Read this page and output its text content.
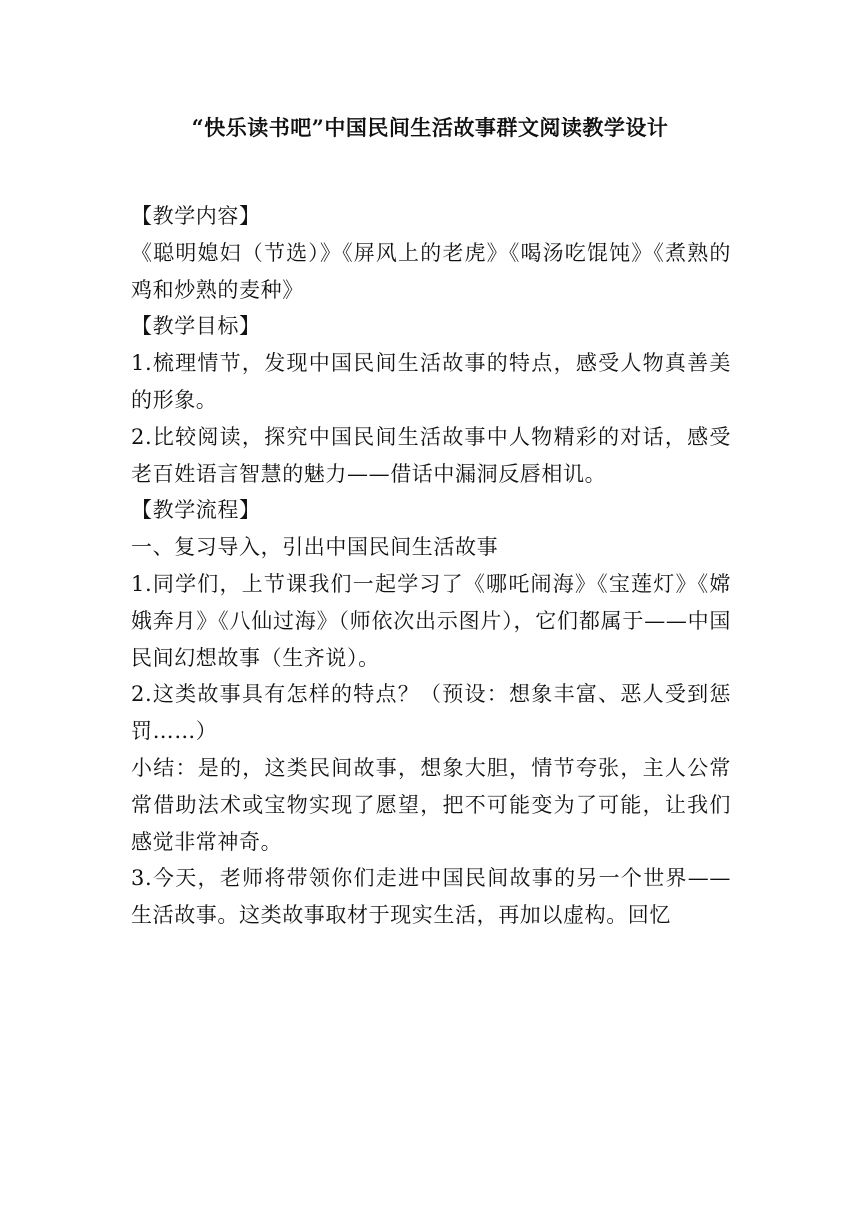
“快乐读书吧”中国民间生活故事群文阅读教学设计

【教学内容】

《聪明媳妇（节选）》《屏风上的老虎》《喝汤吃馄饨》《煮熟的鸡和炒熟的麦种》

【教学目标】

1.梳理情节，发现中国民间生活故事的特点，感受人物真善美的形象。

2.比较阅读，探究中国民间生活故事中人物精彩的对话，感受老百姓语言智慧的魅力——借话中漏洞反唇相讥。

【教学流程】

一、复习导入，引出中国民间生活故事

1.同学们，上节课我们一起学习了《哪吒闹海》《宝莲灯》《嫦娥奔月》《八仙过海》（师依次出示图片），它们都属于——中国民间幻想故事（生齐说）。

2.这类故事具有怎样的特点？（预设：想象丰富、恶人受到惩罚……）

小结：是的，这类民间故事，想象大胆，情节夸张，主人公常常借助法术或宝物实现了愿望，把不可能变为了可能，让我们感觉非常神奇。

3.今天，老师将带领你们走进中国民间故事的另一个世界——生活故事。这类故事取材于现实生活，再加以虚构。回忆
